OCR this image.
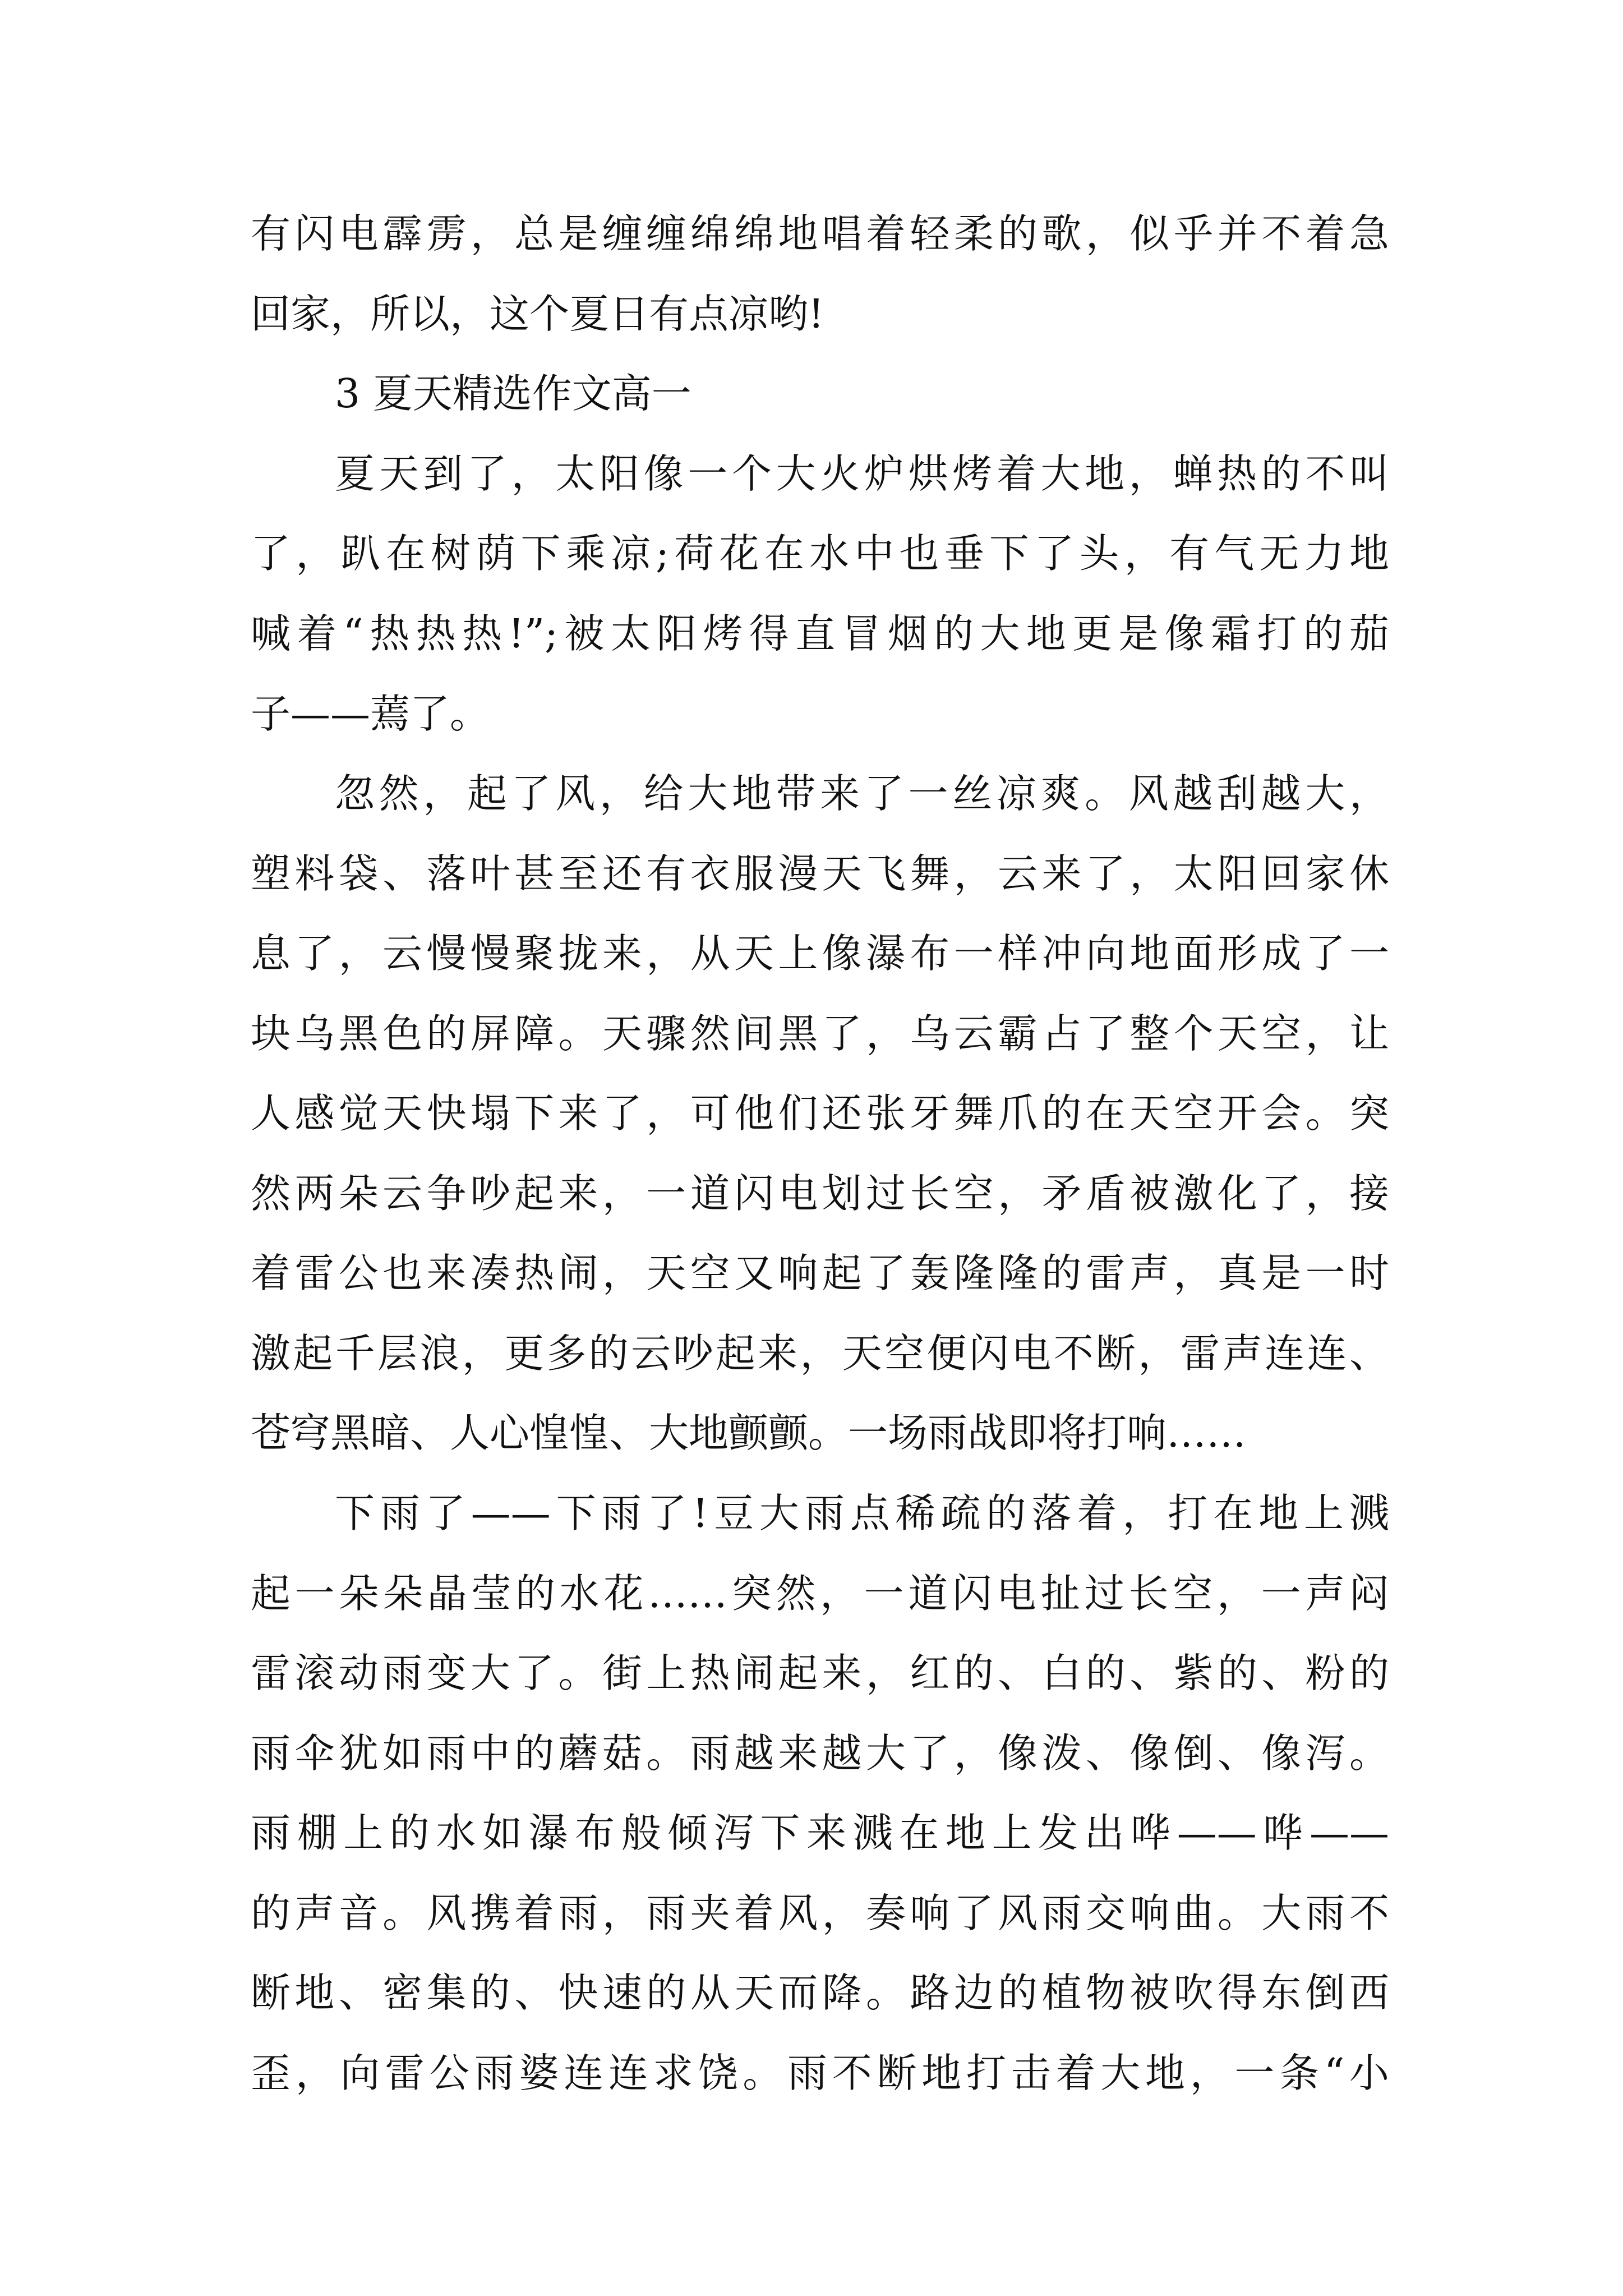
有闪电霹雳，总是缠缠绵绵地唱着轻柔的歌，似乎并不着急
回家，所以，这个夏日有点凉哟!
3 夏天精选作文高一
夏天到了，太阳像一个大火炉烘烤着大地，蝉热的不叫
了，趴在树荫下乘凉;荷花在水中也垂下了头，有气无力地
喊着“热热热!”;被太阳烤得直冒烟的大地更是像霜打的茄
子——蔫了。
忽然，起了风，给大地带来了一丝凉爽。风越刮越大，
塑料袋、落叶甚至还有衣服漫天飞舞，云来了，太阳回家休
息了，云慢慢聚拢来，从天上像瀑布一样冲向地面形成了一
块乌黑色的屏障。天骤然间黑了，乌云霸占了整个天空，让
人感觉天快塌下来了，可他们还张牙舞爪的在天空开会。突
然两朵云争吵起来，一道闪电划过长空，矛盾被激化了，接
着雷公也来凑热闹，天空又响起了轰隆隆的雷声，真是一时
激起千层浪，更多的云吵起来，天空便闪电不断，雷声连连、
苍穹黑暗、人心惶惶、大地颤颤。一场雨战即将打响……
下雨了——下雨了!豆大雨点稀疏的落着，打在地上溅
起一朵朵晶莹的水花……突然，一道闪电扯过长空，一声闷
雷滚动雨变大了。街上热闹起来，红的、白的、紫的、粉的
雨伞犹如雨中的蘑菇。雨越来越大了，像泼、像倒、像泻。
雨棚上的水如瀑布般倾泻下来溅在地上发出哗——哗——
的声音。风携着雨，雨夹着风，奏响了风雨交响曲。大雨不
断地、密集的、快速的从天而降。路边的植物被吹得东倒西
歪，向雷公雨婆连连求饶。雨不断地打击着大地，一条“小
